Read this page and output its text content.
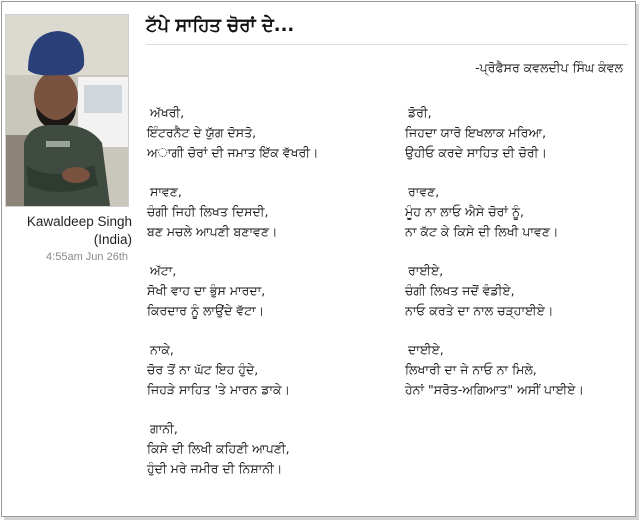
Kawaldeep Singh
(India)
4:55am Jun 26th
ਟੱਪੇ ਸਾਹਿਤ ਚੋਰਾਂ ਦੇ...
-ਪ੍ਰੋਫੈਸਰ ਕਵਲਦੀਪ ਸਿੰਘ ਕੰਵਲ
ਅੱਖਰੀ,
ਇੰਟਰਨੈਟ ਦੇ ਯੁੱਗ ਦੋਸਤੋ,
ਅਾਗੀ ਚੋਰਾਂ ਦੀ ਜਮਾਤ ਇੱਕ ਵੱਖਰੀ।
ਸਾਵਣ,
ਚੰਗੀ ਜਿਹੀ ਲਿਖਤ ਦਿਸਦੀ,
ਬਣ ਮਚਲੇ ਆਪਣੀ ਬਣਾਵਣ।
ਅੱਟਾ,
ਸੋਖੀ ਵਾਹ ਦਾ ਭੁੰਸ ਮਾਰਦਾ,
ਕਿਰਦਾਰ ਨੂੰ ਲਾਉਂਦੇ ਵੱਟਾ।
ਨਾਕੇ,
ਚੋਰ ਤੋਂ ਨਾ ਘੱਟ ਇਹ ਹੁੰਦੇ,
ਜਿਹੜੇ ਸਾਹਿਤ 'ਤੇ ਮਾਰਨ ਡਾਕੇ।
ਗਾਨੀ,
ਕਿਸੇ ਦੀ ਲਿਖੀ ਕਹਿਣੀ ਆਪਣੀ,
ਹੁੰਦੀ ਮਰੇ ਜਮੀਰ ਦੀ ਨਿਸ਼ਾਨੀ।
ਡੋਰੀ,
ਜਿਹਦਾ ਯਾਰੋ ਇਖਲਾਕ ਮਰਿਆ,
ਉਹੀਓ ਕਰਦੇ ਸਾਹਿਤ ਦੀ ਚੋਰੀ।
ਰਾਵਣ,
ਮੂੰਹ ਨਾ ਲਾਓ ਐਸੇ ਚੋਰਾਂ ਨੂੰ,
ਨਾ ਕੱਟ ਕੇ ਕਿਸੇ ਦੀ ਲਿਖੀ ਪਾਵਣ।
ਰਾਈਏ,
ਚੰਗੀ ਲਿਖਤ ਜਦੋਂ ਵੰਡੀਏ,
ਨਾਓ ਕਰਤੇ ਦਾ ਨਾਲ ਚੜ੍ਹਾਈਏ।
ਦਾਈਏ,
ਲਿਖਾਰੀ ਦਾ ਜੇ ਨਾਓ ਨਾ ਮਿਲੇ,
ਹੇਨਾਂ "ਸਰੋਤ-ਅਗਿਆਤ" ਅਸੀਂ ਪਾਈਏ।
